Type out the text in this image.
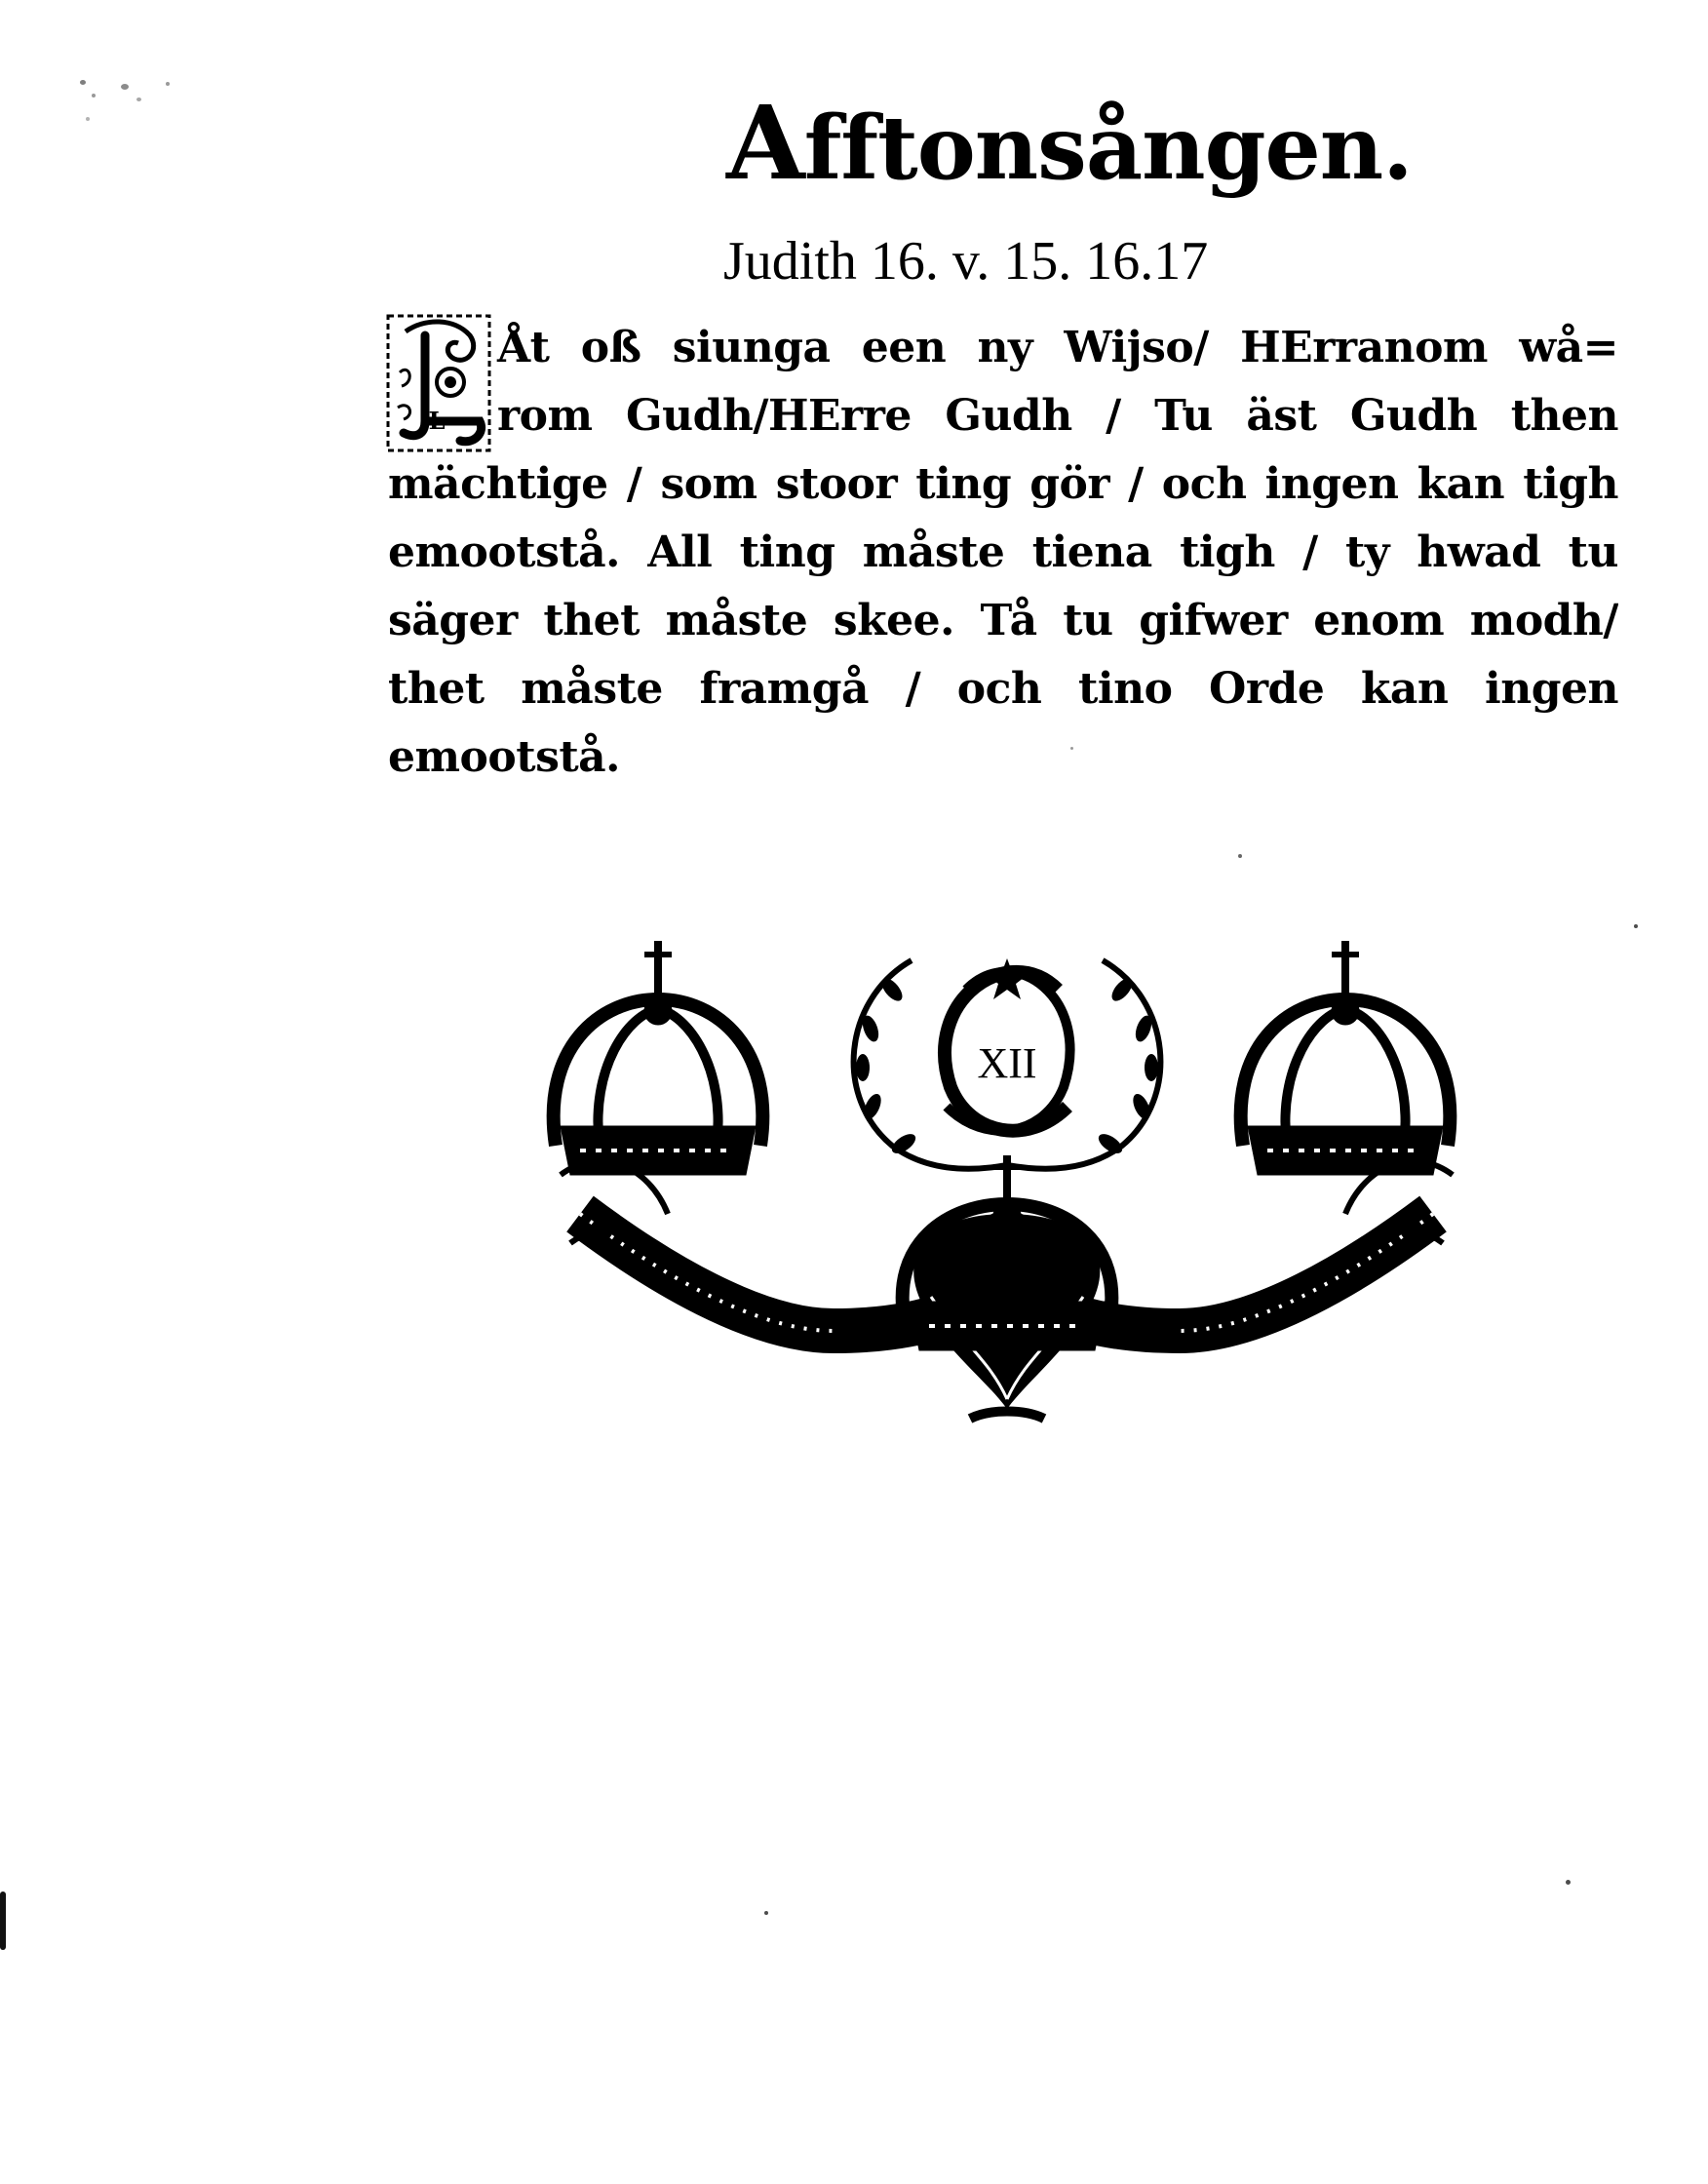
Afftonsången.
Judith 16. v. 15. 16.17
L
Åt oß siunga een ny Wijso/ HErranom wå=
rom Gudh/HErre Gudh / Tu äst Gudh then
mächtige / som stoor ting gör / och ingen kan tigh
emootstå. All ting måste tiena tigh / ty hwad tu
säger thet måste skee. Tå tu gifwer enom modh/
thet måste framgå / och tino Orde kan ingen
emootstå.
XII
